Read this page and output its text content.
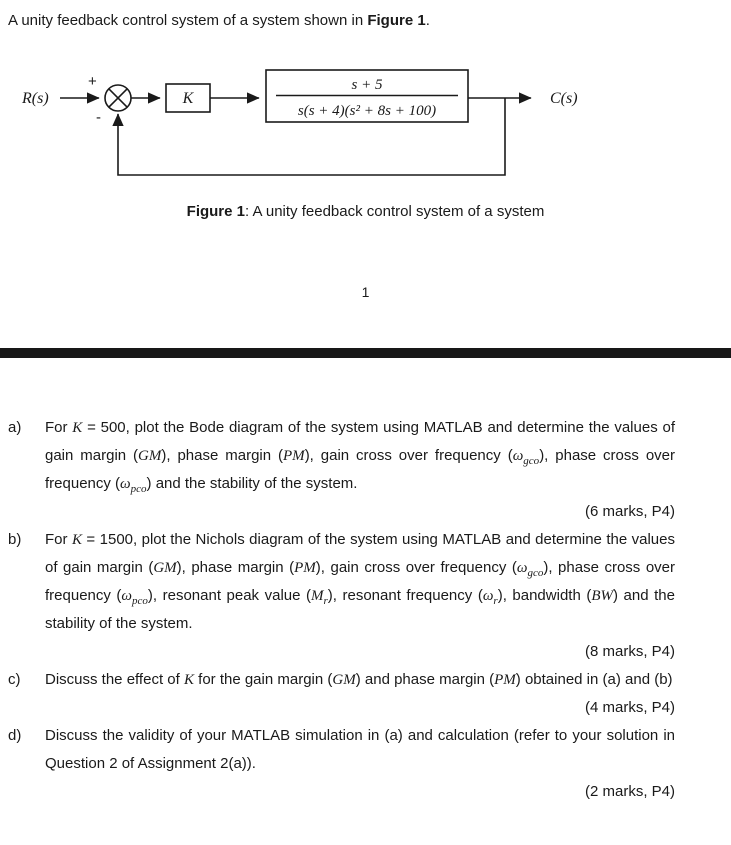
A unity feedback control system of a system shown in Figure 1.

R(s)
+
-
K
s + 5
s(s + 4)(s² + 8s + 100)
C(s)

Figure 1: A unity feedback control system of a system

1

a)	For K = 500, plot the Bode diagram of the system using MATLAB and determine the values of gain margin (GM), phase margin (PM), gain cross over frequency $(\omega_{gco})$, phase cross over frequency $(\omega_{pco})$ and the stability of the system.
(6 marks, P4)
b)	For K = 1500, plot the Nichols diagram of the system using MATLAB and determine the values of gain margin (GM), phase margin (PM), gain cross over frequency $(\omega_{gco})$, phase cross over frequency $(\omega_{pco})$, resonant peak value $(M_r)$, resonant frequency $(\omega_r)$, bandwidth (BW) and the stability of the system.
(8 marks, P4)
c)	Discuss the effect of K for the gain margin (GM) and phase margin (PM) obtained in (a) and (b)
(4 marks, P4)
d)	Discuss the validity of your MATLAB simulation in (a) and calculation (refer to your solution in Question 2 of Assignment 2(a)).
(2 marks, P4)
